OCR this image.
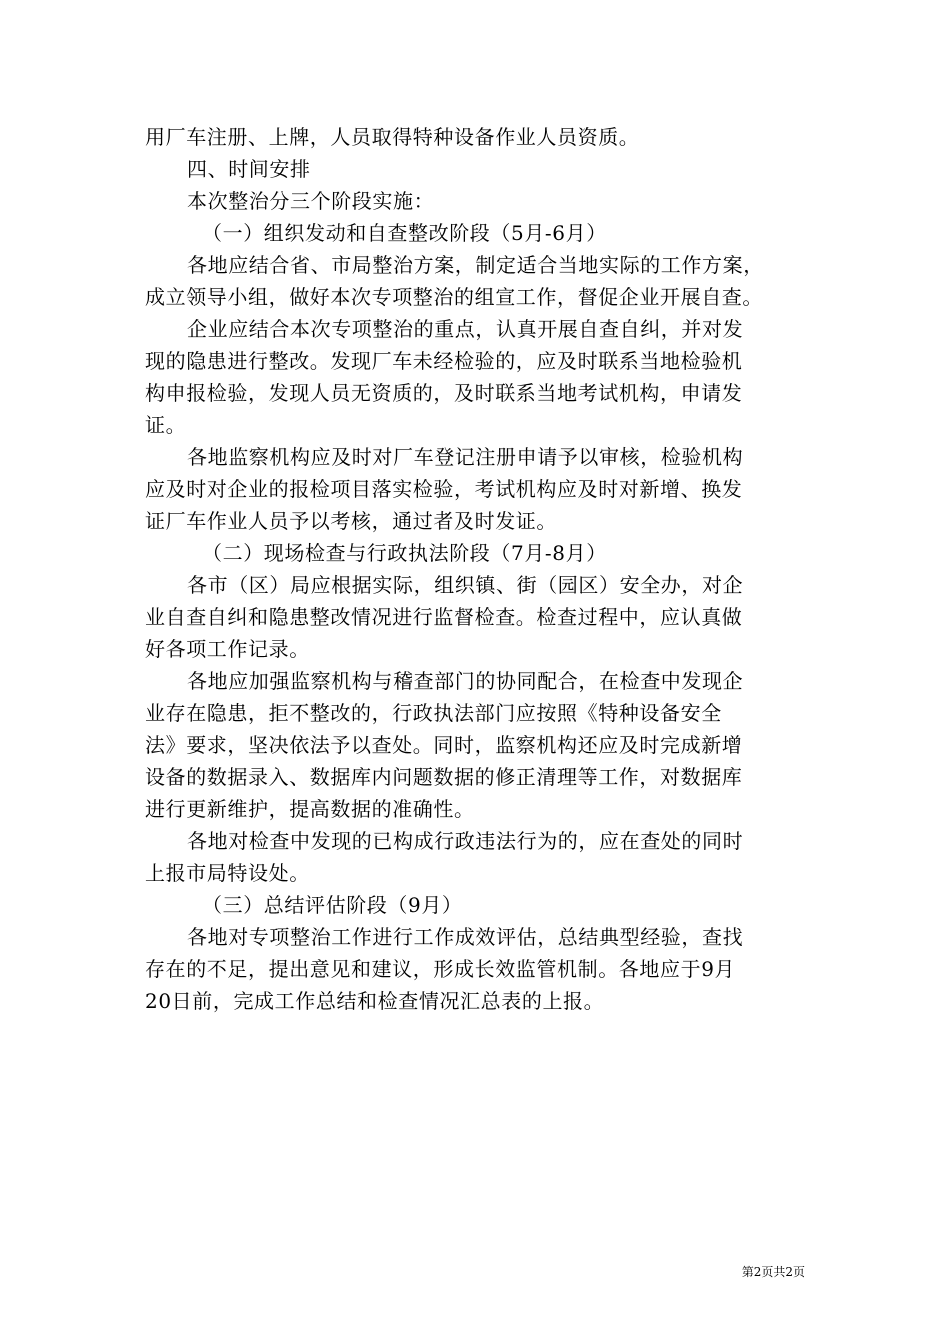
用厂车注册、上牌，人员取得特种设备作业人员资质。
四、时间安排
本次整治分三个阶段实施：
（一）组织发动和自查整改阶段（5月-6月）
各地应结合省、市局整治方案，制定适合当地实际的工作方案，
成立领导小组，做好本次专项整治的组宣工作，督促企业开展自查。
企业应结合本次专项整治的重点，认真开展自查自纠，并对发
现的隐患进行整改。发现厂车未经检验的，应及时联系当地检验机
构申报检验，发现人员无资质的，及时联系当地考试机构，申请发
证。
各地监察机构应及时对厂车登记注册申请予以审核，检验机构
应及时对企业的报检项目落实检验，考试机构应及时对新增、换发
证厂车作业人员予以考核，通过者及时发证。
（二）现场检查与行政执法阶段（7月-8月）
各市（区）局应根据实际，组织镇、街（园区）安全办，对企
业自查自纠和隐患整改情况进行监督检查。检查过程中，应认真做
好各项工作记录。
各地应加强监察机构与稽查部门的协同配合，在检查中发现企
业存在隐患，拒不整改的，行政执法部门应按照《特种设备安全
法》要求，坚决依法予以查处。同时，监察机构还应及时完成新增
设备的数据录入、数据库内问题数据的修正清理等工作，对数据库
进行更新维护，提高数据的准确性。
各地对检查中发现的已构成行政违法行为的，应在查处的同时
上报市局特设处。
（三）总结评估阶段（9月）
各地对专项整治工作进行工作成效评估，总结典型经验，查找
存在的不足，提出意见和建议，形成长效监管机制。各地应于9月
20日前，完成工作总结和检查情况汇总表的上报。
第2页共2页
